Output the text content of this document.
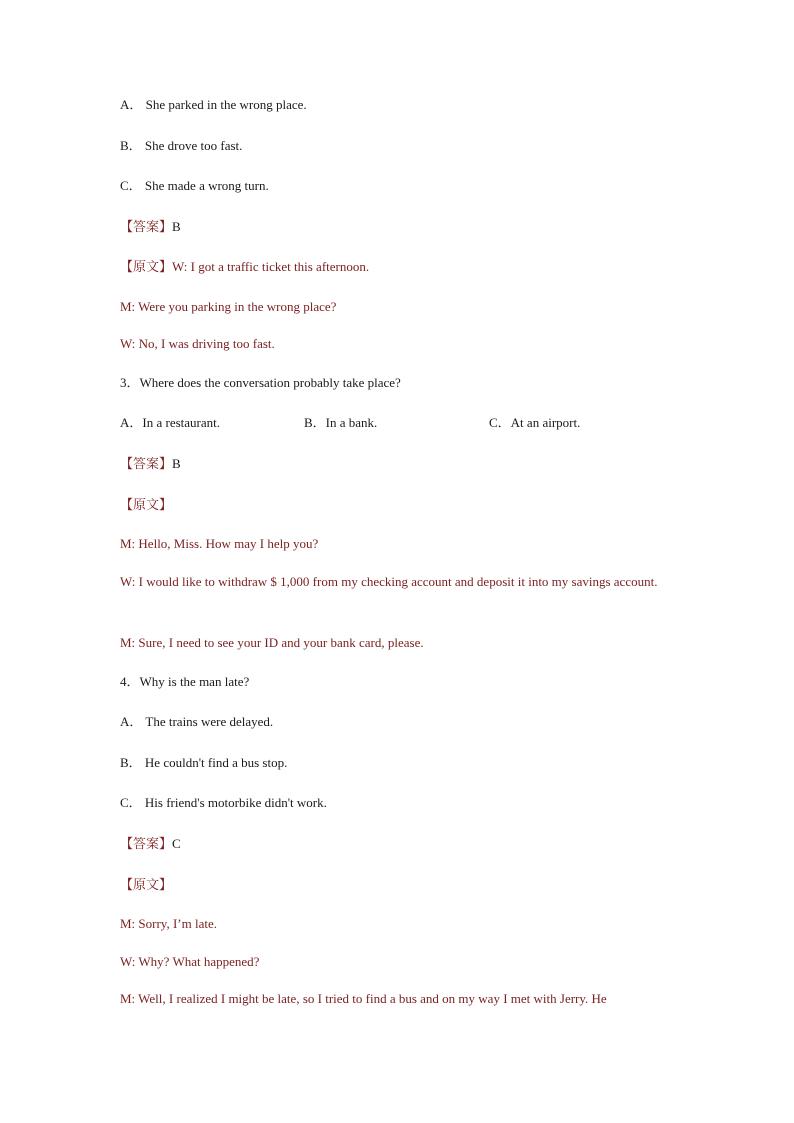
A． She parked in the wrong place.
B． She drove too fast.
C． She made a wrong turn.
【答案】B
【原文】W: I got a traffic ticket this afternoon.
M: Were you parking in the wrong place?
W: No, I was driving too fast.
3．Where does the conversation probably take place?
A．In a restaurant.	B．In a bank.	C．At an airport.
【答案】B
【原文】
M: Hello, Miss. How may I help you?
W: I would like to withdraw $ 1,000 from my checking account and deposit it into my savings account.
M: Sure, I need to see your ID and your bank card, please.
4．Why is the man late?
A． The trains were delayed.
B． He couldn't find a bus stop.
C． His friend's motorbike didn't work.
【答案】C
【原文】
M: Sorry, I’m late.
W: Why? What happened?
M: Well, I realized I might be late, so I tried to find a bus and on my way I met with Jerry. He
